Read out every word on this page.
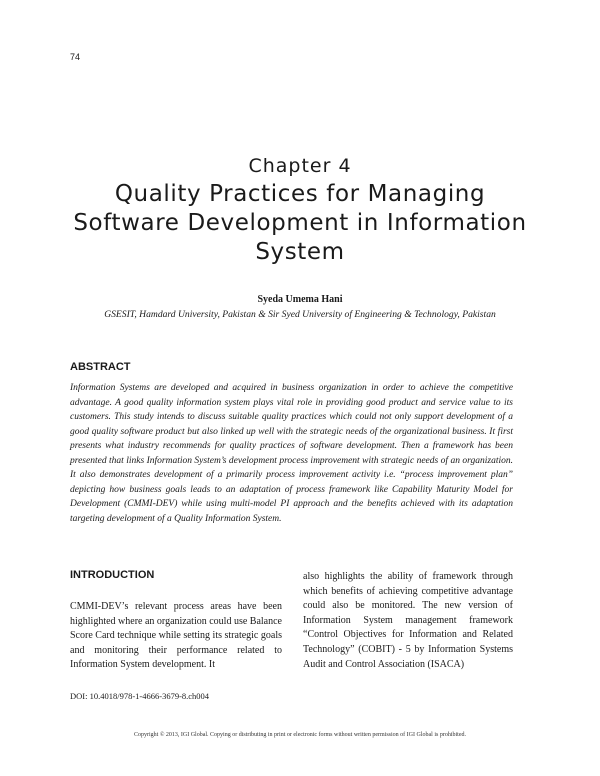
74
Chapter 4
Quality Practices for Managing Software Development in Information System
Syeda Umema Hani
GSESIT, Hamdard University, Pakistan & Sir Syed University of Engineering & Technology, Pakistan
ABSTRACT
Information Systems are developed and acquired in business organization in order to achieve the competitive advantage. A good quality information system plays vital role in providing good product and service value to its customers. This study intends to discuss suitable quality practices which could not only support development of a good quality software product but also linked up well with the strategic needs of the organizational business. It first presents what industry recommends for quality practices of software development. Then a framework has been presented that links Information System’s development process improvement with strategic needs of an organization. It also demonstrates development of a primarily process improvement activity i.e. “process improvement plan” depicting how business goals leads to an adaptation of process framework like Capability Maturity Model for Development (CMMI-DEV) while using multi-model PI approach and the benefits achieved with its adaptation targeting development of a Quality Information System.
INTRODUCTION
CMMI-DEV’s relevant process areas have been highlighted where an organization could use Balance Score Card technique while setting its strategic goals and monitoring their performance related to Information System development. It
also highlights the ability of framework through which benefits of achieving competitive advantage could also be monitored. The new version of Information System management framework “Control Objectives for Information and Related Technology” (COBIT) - 5 by Information Systems Audit and Control Association (ISACA)
DOI: 10.4018/978-1-4666-3679-8.ch004
Copyright © 2013, IGI Global. Copying or distributing in print or electronic forms without written permission of IGI Global is prohibited.
